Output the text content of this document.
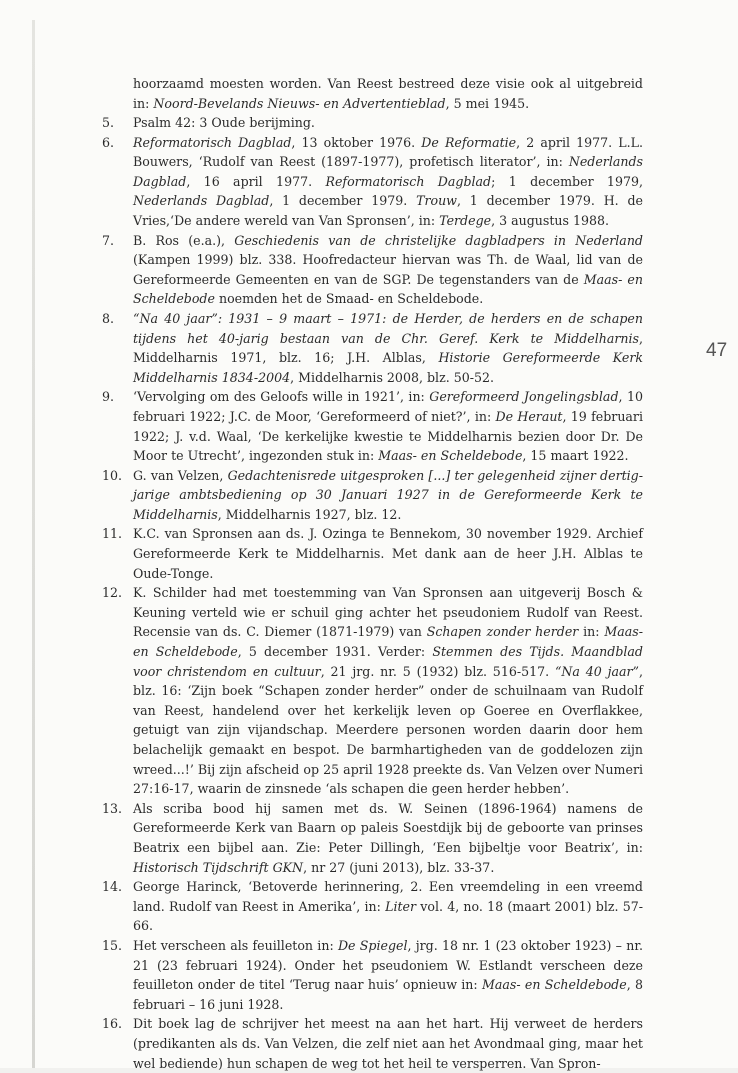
47
hoorzaamd moesten worden. Van Reest bestreed deze visie ook al uitgebreid in: Noord-Bevelands Nieuws- en Advertentieblad, 5 mei 1945.
5.	Psalm 42: 3 Oude berijming.
6.	Reformatorisch Dagblad, 13 oktober 1976. De Reformatie, 2 april 1977. L.L. Bouwers, ‘Rudolf van Reest (1897-1977), profetisch literator’, in: Nederlands Dagblad, 16 april 1977. Reformatorisch Dagblad; 1 december 1979, Nederlands Dagblad, 1 december 1979. Trouw, 1 december 1979. H. de Vries,‘De andere wereld van Van Spronsen’, in: Terdege, 3 augustus 1988.
7.	B. Ros (e.a.), Geschiedenis van de christelijke dagbladpers in Nederland (Kampen 1999) blz. 338. Hoofredacteur hiervan was Th. de Waal, lid van de Gereformeerde Gemeenten en van de SGP. De tegenstanders van de Maas- en Scheldebode noemden het de Smaad- en Scheldebode.
8.	“Na 40 jaar”: 1931 – 9 maart – 1971: de Herder, de herders en de schapen tijdens het 40-jarig bestaan van de Chr. Geref. Kerk te Middelharnis, Middelharnis 1971, blz. 16; J.H. Alblas, Historie Gereformeerde Kerk Middelharnis 1834-2004, Middelharnis 2008, blz. 50-52.
9.	‘Vervolging om des Geloofs wille in 1921’, in: Gereformeerd Jongelingsblad, 10 februari 1922; J.C. de Moor, ‘Gereformeerd of niet?’, in: De Heraut, 19 februari 1922; J. v.d. Waal, ‘De kerkelijke kwestie te Middelharnis bezien door Dr. De Moor te Utrecht’, ingezonden stuk in: Maas- en Scheldebode, 15 maart 1922.
10. G. van Velzen, Gedachtenisrede uitgesproken [...] ter gelegenheid zijner dertig-jarige ambtsbediening op 30 Januari 1927 in de Gereformeerde Kerk te Middelharnis, Middelharnis 1927, blz. 12.
11. K.C. van Spronsen aan ds. J. Ozinga te Bennekom, 30 november 1929. Archief Gereformeerde Kerk te Middelharnis. Met dank aan de heer J.H. Alblas te Oude-Tonge.
12. K. Schilder had met toestemming van Van Spronsen aan uitgeverij Bosch & Keuning verteld wie er schuil ging achter het pseudoniem Rudolf van Reest. Recensie van ds. C. Diemer (1871-1979) van Schapen zonder herder in: Maas- en Scheldebode, 5 december 1931. Verder: Stemmen des Tijds. Maandblad voor christendom en cultuur, 21 jrg. nr. 5 (1932) blz. 516-517. “Na 40 jaar”, blz. 16: ‘Zijn boek “Schapen zonder herder” onder de schuilnaam van Rudolf van Reest, handelend over het kerkelijk leven op Goeree en Overflakkee, getuigt van zijn vijandschap. Meerdere personen worden daarin door hem belachelijk gemaakt en bespot. De barmhartigheden van de goddelozen zijn wreed...!’ Bij zijn afscheid op 25 april 1928 preekte ds. Van Velzen over Numeri 27:16-17, waarin de zinsnede ‘als schapen die geen herder hebben’.
13. Als scriba bood hij samen met ds. W. Seinen (1896-1964) namens de Gereformeerde Kerk van Baarn op paleis Soestdijk bij de geboorte van prinses Beatrix een bijbel aan. Zie: Peter Dillingh, ‘Een bijbeltje voor Beatrix’, in: Historisch Tijdschrift GKN, nr 27 (juni 2013), blz. 33-37.
14. George Harinck, ‘Betoverde herinnering, 2. Een vreemdeling in een vreemd land. Rudolf van Reest in Amerika’, in: Liter vol. 4, no. 18 (maart 2001) blz. 57-66.
15. Het verscheen als feuilleton in: De Spiegel, jrg. 18 nr. 1 (23 oktober 1923) – nr. 21 (23 februari 1924). Onder het pseudoniem W. Estlandt verscheen deze feuilleton onder de titel ‘Terug naar huis’ opnieuw in: Maas- en Scheldebode, 8 februari – 16 juni 1928.
16. Dit boek lag de schrijver het meest na aan het hart. Hij verweet de herders (predikanten als ds. Van Velzen, die zelf niet aan het Avondmaal ging, maar het wel bediende) hun schapen de weg tot het heil te versperren. Van Spron-
